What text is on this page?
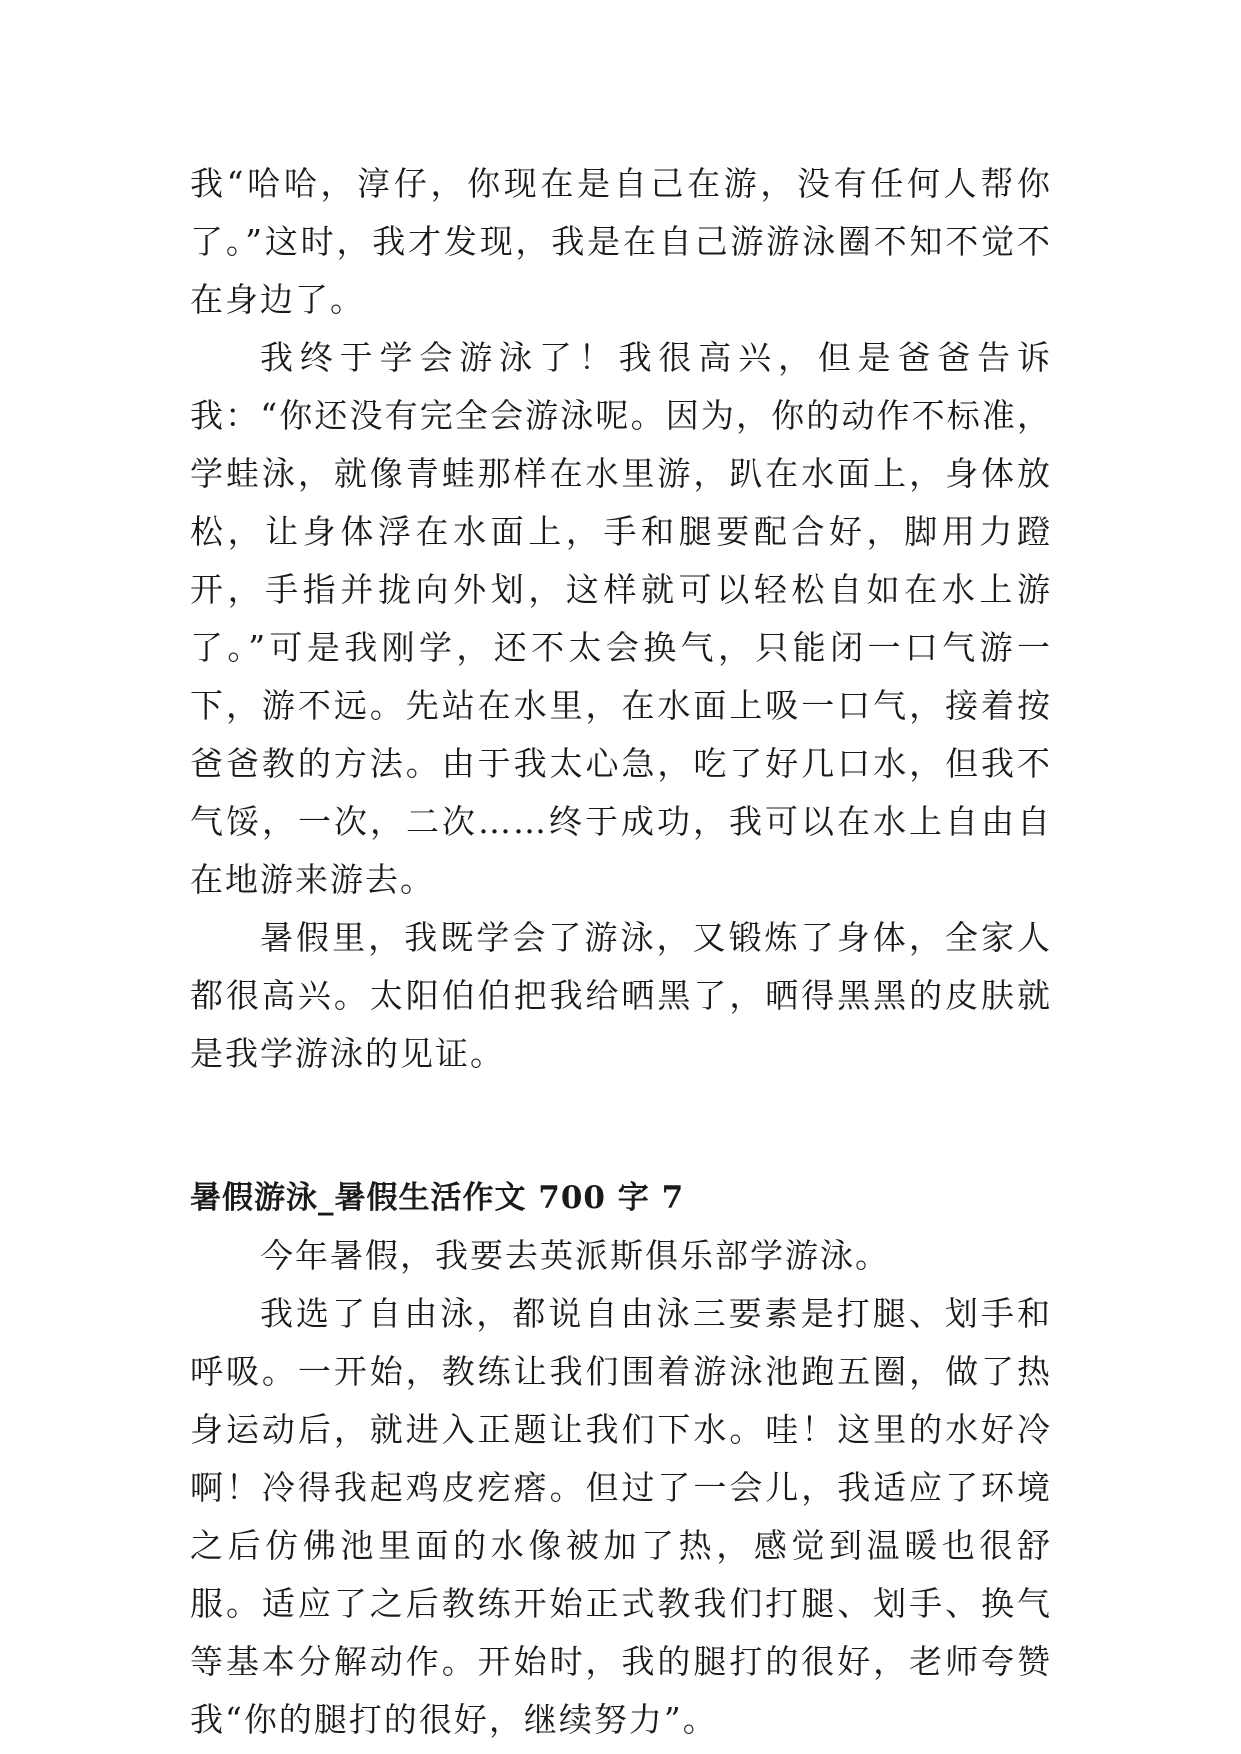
我“哈哈，淳仔，你现在是自己在游，没有任何人帮你了。”这时，我才发现，我是在自己游游泳圈不知不觉不在身边了。

我终于学会游泳了！我很高兴，但是爸爸告诉我：“你还没有完全会游泳呢。因为，你的动作不标准，学蛙泳，就像青蛙那样在水里游，趴在水面上，身体放松，让身体浮在水面上，手和腿要配合好，脚用力蹬开，手指并拢向外划，这样就可以轻松自如在水上游了。”可是我刚学，还不太会换气，只能闭一口气游一下，游不远。先站在水里，在水面上吸一口气，接着按爸爸教的方法。由于我太心急，吃了好几口水，但我不气馁，一次，二次……终于成功，我可以在水上自由自在地游来游去。

暑假里，我既学会了游泳，又锻炼了身体，全家人都很高兴。太阳伯伯把我给晒黑了，晒得黑黑的皮肤就是我学游泳的见证。

暑假游泳_暑假生活作文 700 字 7

今年暑假，我要去英派斯俱乐部学游泳。

我选了自由泳，都说自由泳三要素是打腿、划手和呼吸。一开始，教练让我们围着游泳池跑五圈，做了热身运动后，就进入正题让我们下水。哇！这里的水好冷啊！冷得我起鸡皮疙瘩。但过了一会儿，我适应了环境之后仿佛池里面的水像被加了热，感觉到温暖也很舒服。适应了之后教练开始正式教我们打腿、划手、换气等基本分解动作。开始时，我的腿打的很好，老师夸赞我“你的腿打的很好，继续努力”。
